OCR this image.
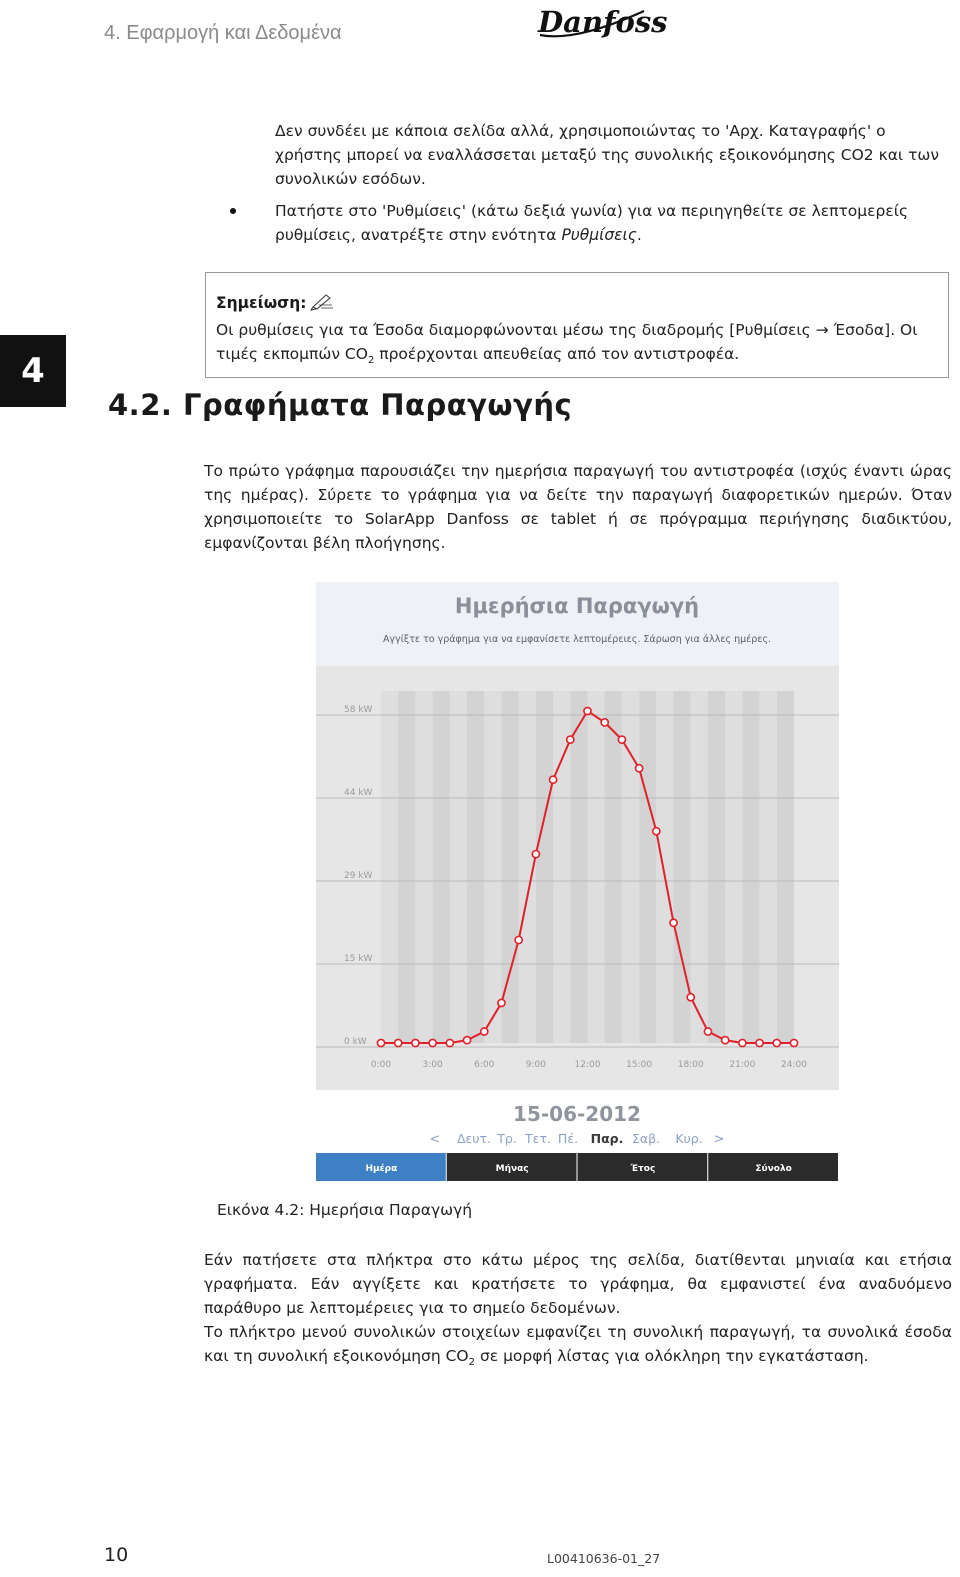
4. Εφαρμογή και Δεδομένα	Danfoss
Δεν συνδέει με κάποια σελίδα αλλά, χρησιμοποιώντας το 'Αρχ. Καταγραφής' ο χρήστης μπορεί να εναλλάσσεται μεταξύ της συνολικής εξοικονόμησης CO2 και των συνολικών εσόδων.
Πατήστε στο 'Ρυθμίσεις' (κάτω δεξιά γωνία) για να περιηγηθείτε σε λεπτομερείς ρυθμίσεις, ανατρέξτε στην ενότητα Ρυθμίσεις.
Σημείωση:
Οι ρυθμίσεις για τα Έσοδα διαμορφώνονται μέσω της διαδρομής [Ρυθμίσεις → Έσοδα]. Οι τιμές εκπομπών $CO_2$ προέρχονται απευθείας από τον αντιστροφέα.
4
4.2. Γραφήματα Παραγωγής
Το πρώτο γράφημα παρουσιάζει την ημερήσια παραγωγή του αντιστροφέα (ισχύς έναντι ώρας της ημέρας). Σύρετε το γράφημα για να δείτε την παραγωγή διαφορετικών ημερών. Όταν χρησιμοποιείτε το SolarApp Danfoss σε tablet ή σε πρόγραμμα περιήγησης διαδικτύου, εμφανίζονται βέλη πλοήγησης.
Ημερήσια Παραγωγή
Αγγίξτε το γράφημα για να εμφανίσετε λεπτομέρειες. Σάρωση για άλλες ημέρες.
58 kW
44 kW
29 kW
15 kW
0 kW
0:00	3:00	6:00	9:00	12:00	15:00	18:00	21:00	24:00
15-06-2012
< Δευτ. Τρ. Τετ. Πέ. Παρ. Σαβ. Κυρ. >
Ημέρα	Μήνας	Έτος	Σύνολο
Εικόνα 4.2: Ημερήσια Παραγωγή
Εάν πατήσετε στα πλήκτρα στο κάτω μέρος της σελίδα, διατίθενται μηνιαία και ετήσια γραφήματα. Εάν αγγίξετε και κρατήσετε το γράφημα, θα εμφανιστεί ένα αναδυόμενο παράθυρο με λεπτομέρειες για το σημείο δεδομένων.
Το πλήκτρο μενού συνολικών στοιχείων εμφανίζει τη συνολική παραγωγή, τα συνολικά έσοδα και τη συνολική εξοικονόμηση $CO_2$ σε μορφή λίστας για ολόκληρη την εγκατάσταση.
10	L00410636-01_27
